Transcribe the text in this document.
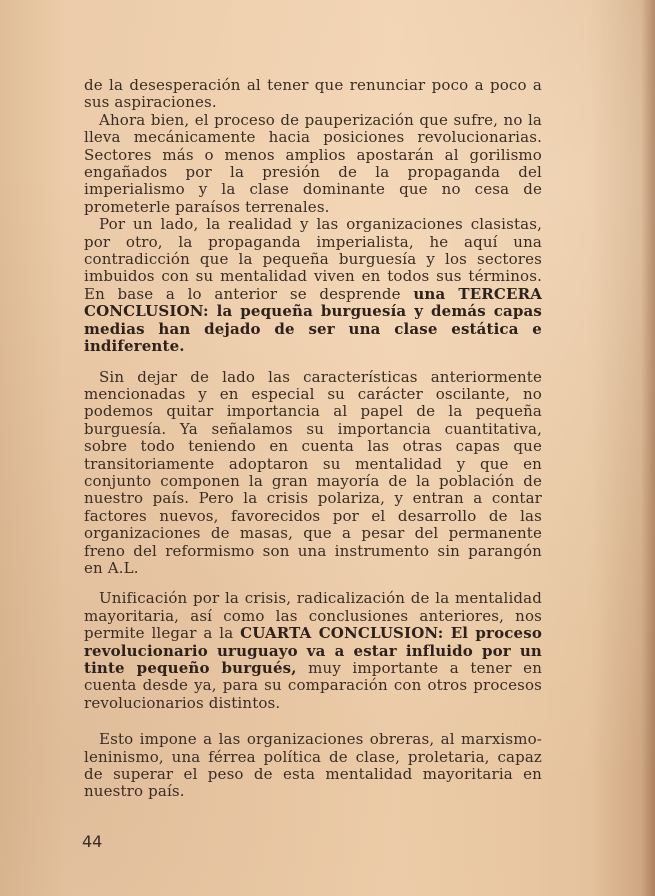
de la desesperación al tener que renunciar poco a poco a sus aspiraciones.

Ahora bien, el proceso de pauperización que sufre, no la lleva mecánicamente hacia posiciones revolucionarias. Sectores más o menos amplios apostarán al gorilismo engañados por la presión de la propaganda del imperialismo y la clase dominante que no cesa de prometerle paraísos terrenales.

Por un lado, la realidad y las organizaciones clasistas, por otro, la propaganda imperialista, he aquí una contradicción que la pequeña burguesía y los sectores imbuidos con su mentalidad viven en todos sus términos. En base a lo anterior se desprende una TERCERA CONCLUSION: la pequeña burguesía y demás capas medias han dejado de ser una clase estática e indiferente.

Sin dejar de lado las características anteriormente mencionadas y en especial su carácter oscilante, no podemos quitar importancia al papel de la pequeña burguesía. Ya señalamos su importancia cuantitativa, sobre todo teniendo en cuenta las otras capas que transitoriamente adoptaron su mentalidad y que en conjunto componen la gran mayoría de la población de nuestro país. Pero la crisis polariza, y entran a contar factores nuevos, favorecidos por el desarrollo de las organizaciones de masas, que a pesar del permanente freno del reformismo son una instrumento sin parangón en A.L.

Unificación por la crisis, radicalización de la mentalidad mayoritaria, así como las conclusiones anteriores, nos permite llegar a la CUARTA CONCLUSION: El proceso revolucionario uruguayo va a estar influido por un tinte pequeño burgués, muy importante a tener en cuenta desde ya, para su comparación con otros procesos revolucionarios distintos.

Esto impone a las organizaciones obreras, al marxismo-leninismo, una férrea política de clase, proletaria, capaz de superar el peso de esta mentalidad mayoritaria en nuestro país.

44
